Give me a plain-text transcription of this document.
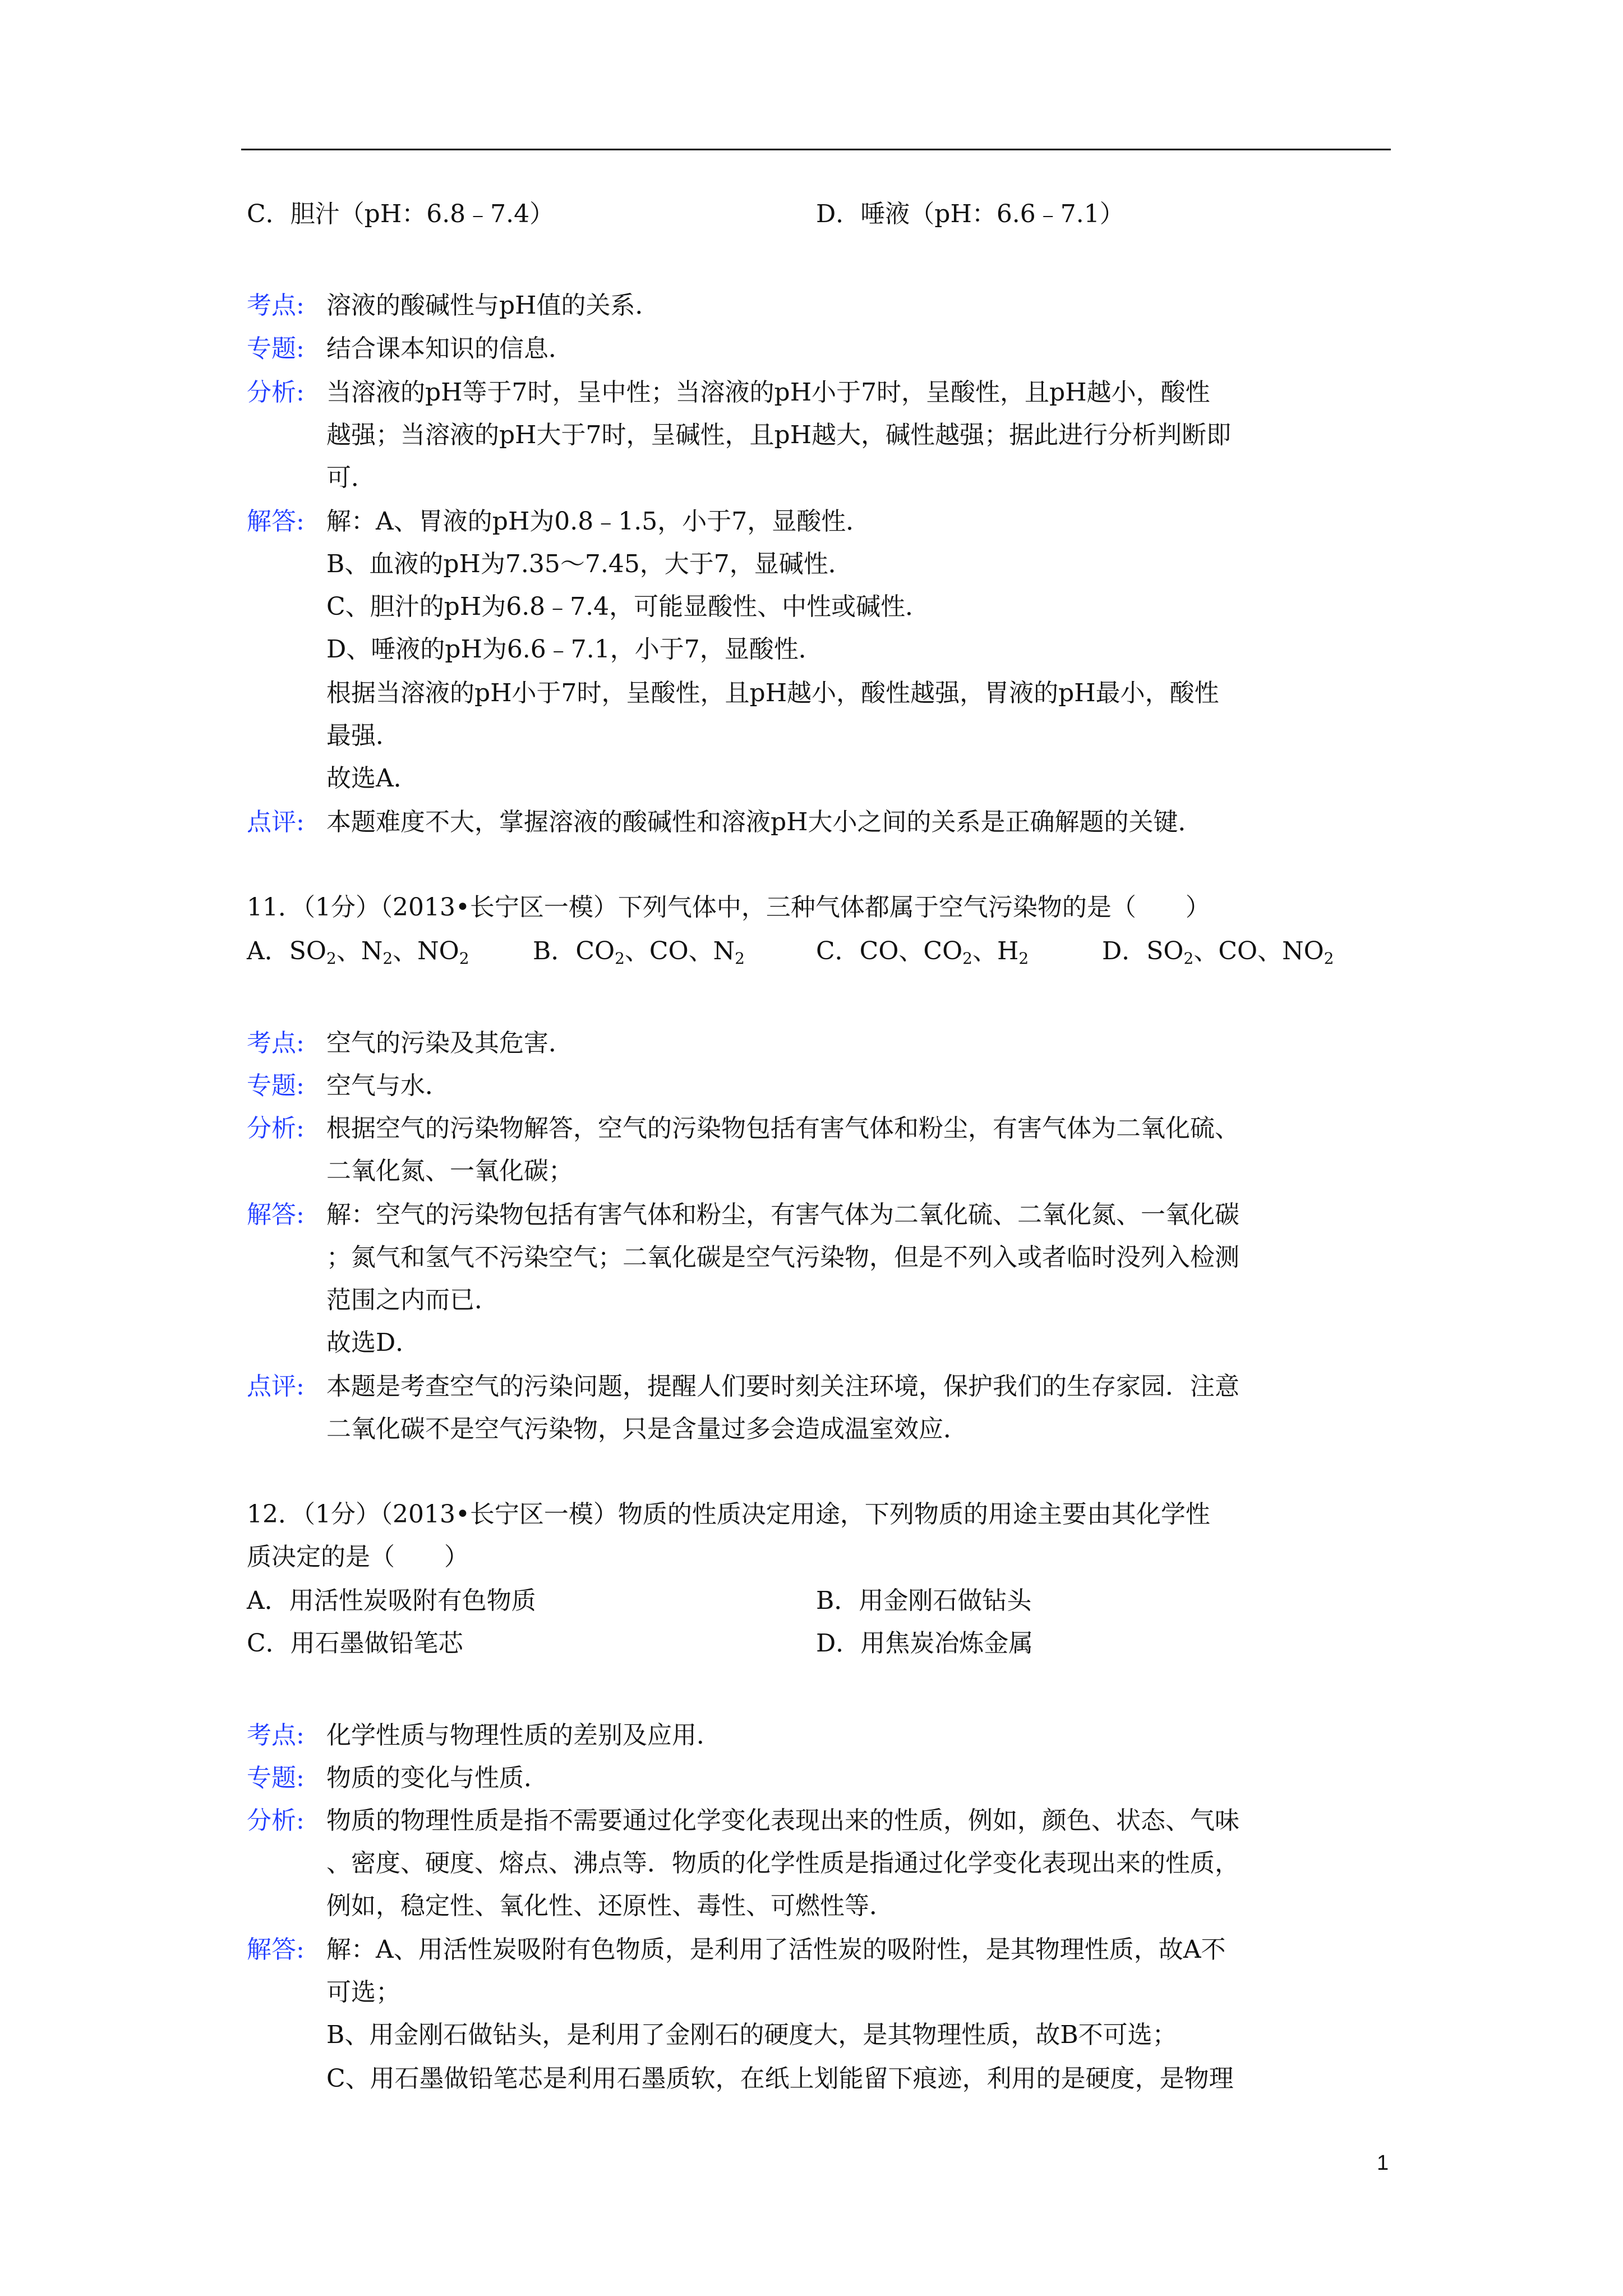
C．胆汁（pH：6.8﹣7.4）	D．唾液（pH：6.6﹣7.1）
考点: 溶液的酸碱性与pH值的关系．
专题: 结合课本知识的信息．
分析: 当溶液的pH等于7时，呈中性；当溶液的pH小于7时，呈酸性，且pH越小，酸性
越强；当溶液的pH大于7时，呈碱性，且pH越大，碱性越强；据此进行分析判断即
可．
解答: 解：A、胃液的pH为0.8﹣1.5，小于7，显酸性．
B、血液的pH为7.35～7.45，大于7，显碱性．
C、胆汁的pH为6.8﹣7.4，可能显酸性、中性或碱性．
D、唾液的pH为6.6﹣7.1，小于7，显酸性．
根据当溶液的pH小于7时，呈酸性，且pH越小，酸性越强，胃液的pH最小，酸性
最强．
故选A．
点评: 本题难度不大，掌握溶液的酸碱性和溶液pH大小之间的关系是正确解题的关键．
11．（1分）（2013•长宁区一模）下列气体中，三种气体都属于空气污染物的是（　　）
A．$SO_2$、$N_2$、$NO_2$	B．$CO_2$、CO、$N_2$	C．CO、$CO_2$、$H_2$	D．$SO_2$、CO、$NO_2$
考点: 空气的污染及其危害．
专题: 空气与水．
分析: 根据空气的污染物解答，空气的污染物包括有害气体和粉尘，有害气体为二氧化硫、
二氧化氮、一氧化碳；
解答: 解：空气的污染物包括有害气体和粉尘，有害气体为二氧化硫、二氧化氮、一氧化碳
；氮气和氢气不污染空气；二氧化碳是空气污染物，但是不列入或者临时没列入检测
范围之内而已．
故选D．
点评: 本题是考查空气的污染问题，提醒人们要时刻关注环境，保护我们的生存家园．注意
二氧化碳不是空气污染物，只是含量过多会造成温室效应．
12．（1分）（2013•长宁区一模）物质的性质决定用途，下列物质的用途主要由其化学性
质决定的是（　　）
A．用活性炭吸附有色物质	B．用金刚石做钻头
C．用石墨做铅笔芯	D．用焦炭冶炼金属
考点: 化学性质与物理性质的差别及应用．
专题: 物质的变化与性质．
分析: 物质的物理性质是指不需要通过化学变化表现出来的性质，例如，颜色、状态、气味
、密度、硬度、熔点、沸点等．物质的化学性质是指通过化学变化表现出来的性质，
例如，稳定性、氧化性、还原性、毒性、可燃性等．
解答: 解：A、用活性炭吸附有色物质，是利用了活性炭的吸附性，是其物理性质，故A不
可选；
B、用金刚石做钻头，是利用了金刚石的硬度大，是其物理性质，故B不可选；
C、用石墨做铅笔芯是利用石墨质软，在纸上划能留下痕迹，利用的是硬度，是物理
1
